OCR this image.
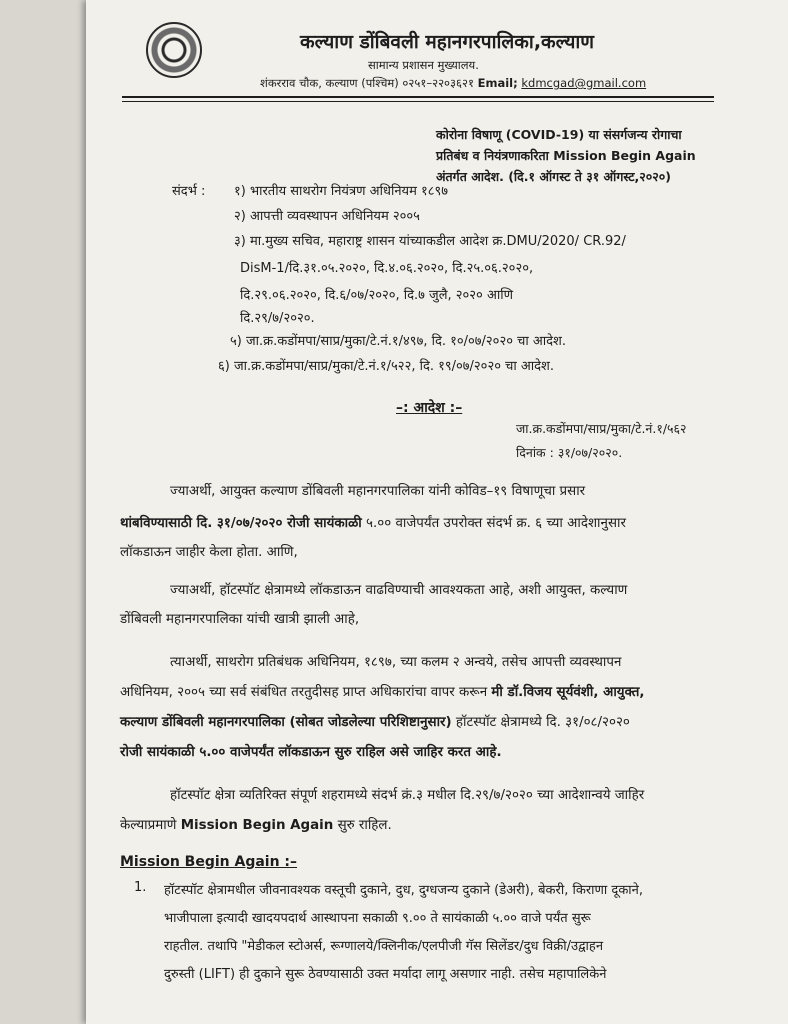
कल्याण डोंबिवली महानगरपालिका,कल्याण
सामान्य प्रशासन मुख्यालय.
शंकरराव चौक, कल्याण (पश्चिम) ०२५१–२२०३६२१ Email; kdmcgad@gmail.com
कोरोना विषाणू (COVID-19) या संसर्गजन्य रोगाचा
प्रतिबंध व नियंत्रणाकरिता Mission Begin Again
अंतर्गत आदेश. (दि.१ ऑगस्ट ते ३१ ऑगस्ट,२०२०)
संदर्भ : १) भारतीय साथरोग नियंत्रण अधिनियम १८९७
२) आपत्ती व्यवस्थापन अधिनियम २००५
३) मा.मुख्य सचिव, महाराष्ट्र शासन यांच्याकडील आदेश क्र.DMU/2020/ CR.92/
DisM-1/दि.३१.०५.२०२०, दि.४.०६.२०२०, दि.२५.०६.२०२०,
दि.२९.०६.२०२०, दि.६/०७/२०२०, दि.७ जुलै, २०२० आणि
दि.२९/७/२०२०.
५) जा.क्र.कडोंमपा/साप्र/मुका/टे.नं.१/४९७, दि. १०/०७/२०२० चा आदेश.
६) जा.क्र.कडोंमपा/साप्र/मुका/टे.नं.१/५२२, दि. १९/०७/२०२० चा आदेश.
–: आदेश :–
जा.क्र.कडोंमपा/साप्र/मुका/टे.नं.१/५६२
दिनांक : ३१/०७/२०२०.
ज्याअर्थी, आयुक्त कल्याण डोंबिवली महानगरपालिका यांनी कोविड–१९ विषाणूचा प्रसार
थांबविण्यासाठी दि. ३१/०७/२०२० रोजी सायंकाळी ५.०० वाजेपर्यंत उपरोक्त संदर्भ क्र. ६ च्या आदेशानुसार
लॉकडाऊन जाहीर केला होता. आणि,
ज्याअर्थी, हॉटस्पॉट क्षेत्रामध्ये लॉकडाऊन वाढविण्याची आवश्यकता आहे, अशी आयुक्त, कल्याण
डोंबिवली महानगरपालिका यांची खात्री झाली आहे,
त्याअर्थी, साथरोग प्रतिबंधक अधिनियम, १८९७, च्या कलम २ अन्वये, तसेच आपत्ती व्यवस्थापन
अधिनियम, २००५ च्या सर्व संबंधित तरतुदीसह प्राप्त अधिकारांचा वापर करून मी डॉ.विजय सूर्यवंशी, आयुक्त,
कल्याण डोंबिवली महानगरपालिका (सोबत जोडलेल्या परिशिष्टानुसार) हॉटस्पॉट क्षेत्रामध्ये दि. ३१/०८/२०२०
रोजी सायंकाळी ५.०० वाजेपर्यंत लॉकडाऊन सुरु राहिल असे जाहिर करत आहे.
हॉटस्पॉट क्षेत्रा व्यतिरिक्त संपूर्ण शहरामध्ये संदर्भ क्रं.३ मधील दि.२९/७/२०२० च्या आदेशान्वये जाहिर
केल्याप्रमाणे Mission Begin Again सुरु राहिल.
Mission Begin Again :–
1. हॉटस्पॉट क्षेत्रामधील जीवनावश्यक वस्तूची दुकाने, दुध, दुग्धजन्य दुकाने (डेअरी), बेकरी, किराणा दूकाने,
भाजीपाला इत्यादी खादयपदार्थ आस्थापना सकाळी ९.०० ते सायंकाळी ५.०० वाजे पर्यंत सुरू
राहतील. तथापि "मेडीकल स्टोअर्स, रूग्णालये/क्लिनीक/एलपीजी गॅस सिलेंडर/दुध विक्री/उद्वाहन
दुरुस्ती (LIFT) ही दुकाने सुरू ठेवण्यासाठी उक्त मर्यादा लागू असणार नाही. तसेच महापालिकेने
